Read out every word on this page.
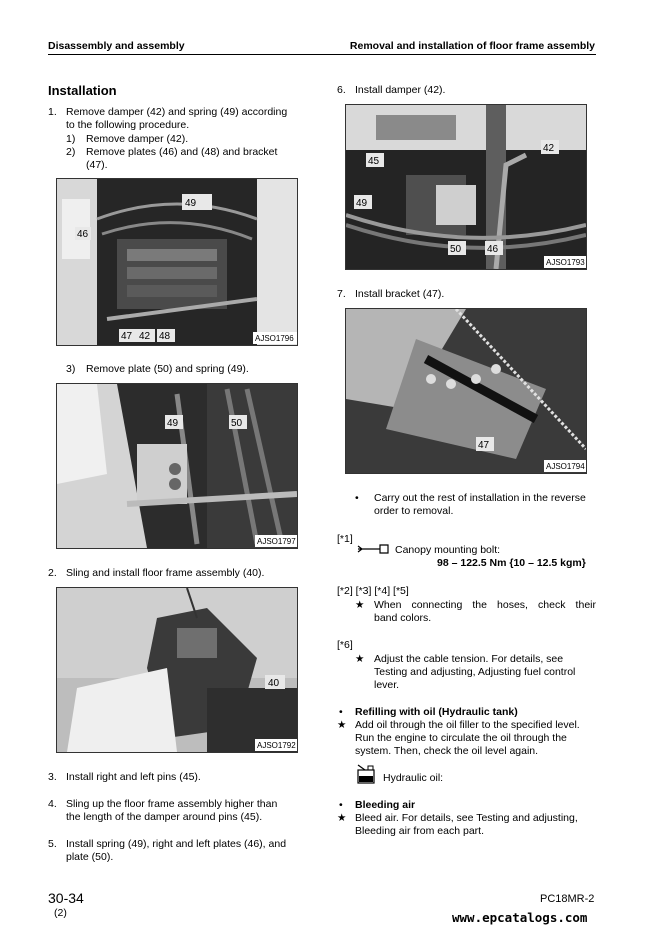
Disassembly and assembly	Removal and installation of floor frame assembly
Installation
1. Remove damper (42) and spring (49) according
to the following procedure.
1) Remove damper (42).
2) Remove plates (46) and (48) and bracket
(47).
49
46
47 42 48	AJSO1796
3) Remove plate (50) and spring (49).
49	50
AJSO1797
2. Sling and install floor frame assembly (40).
40
AJSO1792
3. Install right and left pins (45).
4. Sling up the floor frame assembly higher than
the length of the damper around pins (45).
5. Install spring (49), right and left plates (46), and
plate (50).
6. Install damper (42).
42
45
49
50	46
AJSO1793
7. Install bracket (47).
47
AJSO1794
• Carry out the rest of installation in the reverse
order to removal.
[*1]
Canopy mounting bolt:
98 – 122.5 Nm {10 – 12.5 kgm}
[*2] [*3] [*4] [*5]
★ When connecting the hoses, check their
band colors.
[*6]
★ Adjust the cable tension. For details, see
Testing and adjusting, Adjusting fuel control
lever.
• Refilling with oil (Hydraulic tank)
★ Add oil through the oil filler to the specified level.
Run the engine to circulate the oil through the
system. Then, check the oil level again.
Hydraulic oil:
• Bleeding air
★ Bleed air. For details, see Testing and adjusting,
Bleeding air from each part.
30-34
(2)
PC18MR-2
www.epcatalogs.com
